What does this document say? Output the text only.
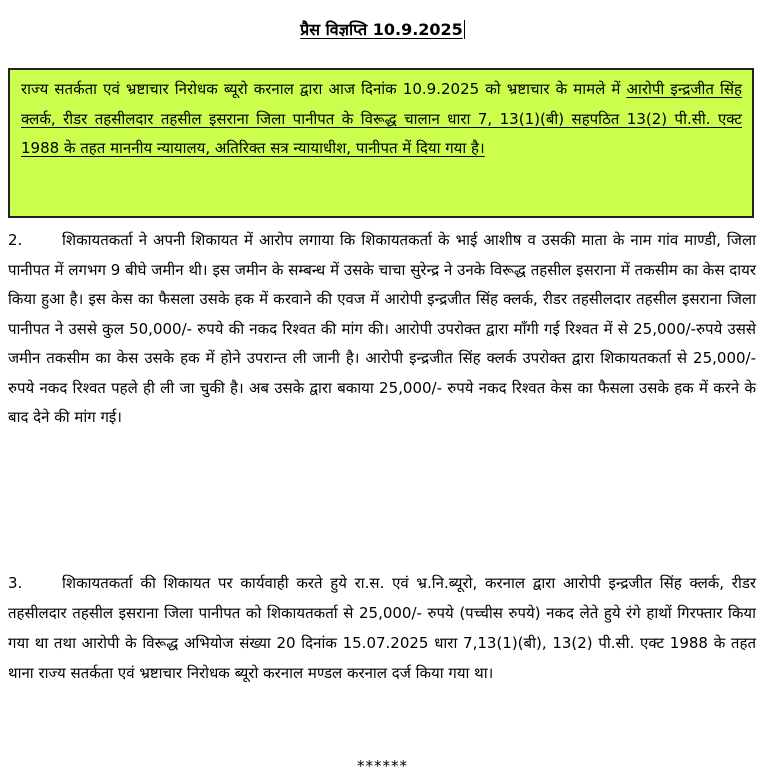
प्रैस विज्ञप्ति 10.9.2025
राज्य सतर्कता एवं भ्रष्टाचार निरोधक ब्यूरो करनाल द्वारा आज दिनांक 10.9.2025 को भ्रष्टाचार के मामले में आरोपी इन्द्रजीत सिंह क्लर्क, रीडर तहसीलदार तहसील इसराना जिला पानीपत के विरूद्ध चालान धारा 7, 13(1)(बी) सहपठित 13(2) पी.सी. एक्ट 1988 के तहत माननीय न्यायालय, अतिरिक्त सत्र न्यायाधीश, पानीपत में दिया गया है।

2.	शिकायतकर्ता ने अपनी शिकायत में आरोप लगाया कि शिकायतकर्ता के भाई आशीष व उसकी माता के नाम गांव माण्डी, जिला पानीपत में लगभग 9 बीघे जमीन थी। इस जमीन के सम्बन्ध में उसके चाचा सुरेन्द्र ने उनके विरूद्ध तहसील इसराना में तकसीम का केस दायर किया हुआ है। इस केस का फैसला उसके हक में करवाने की एवज में आरोपी इन्द्रजीत सिंह क्लर्क, रीडर तहसीलदार तहसील इसराना जिला पानीपत ने उससे कुल 50,000/- रुपये की नकद रिश्वत की मांग की। आरोपी उपरोक्त द्वारा माँगी गई रिश्वत में से 25,000/-रुपये उससे जमीन तकसीम का केस उसके हक में होने उपरान्त ली जानी है। आरोपी इन्द्रजीत सिंह क्लर्क उपरोक्त द्वारा शिकायतकर्ता से 25,000/- रुपये नकद रिश्वत पहले ही ली जा चुकी है। अब उसके द्वारा बकाया 25,000/- रुपये नकद रिश्वत केस का फैसला उसके हक में करने के बाद देने की मांग गई।

3.	शिकायतकर्ता की शिकायत पर कार्यवाही करते हुये रा.स. एवं भ्र.नि.ब्यूरो, करनाल द्वारा आरोपी इन्द्रजीत सिंह क्लर्क, रीडर तहसीलदार तहसील इसराना जिला पानीपत को शिकायतकर्ता से 25,000/- रुपये (पच्चीस रुपये) नकद लेते हुये रंगे हाथों गिरफ्तार किया गया था तथा आरोपी के विरूद्ध अभियोज संख्या 20 दिनांक 15.07.2025 धारा 7,13(1)(बी), 13(2) पी.सी. एक्ट 1988 के तहत थाना राज्य सतर्कता एवं भ्रष्टाचार निरोधक ब्यूरो करनाल मण्डल करनाल दर्ज किया गया था।

******
